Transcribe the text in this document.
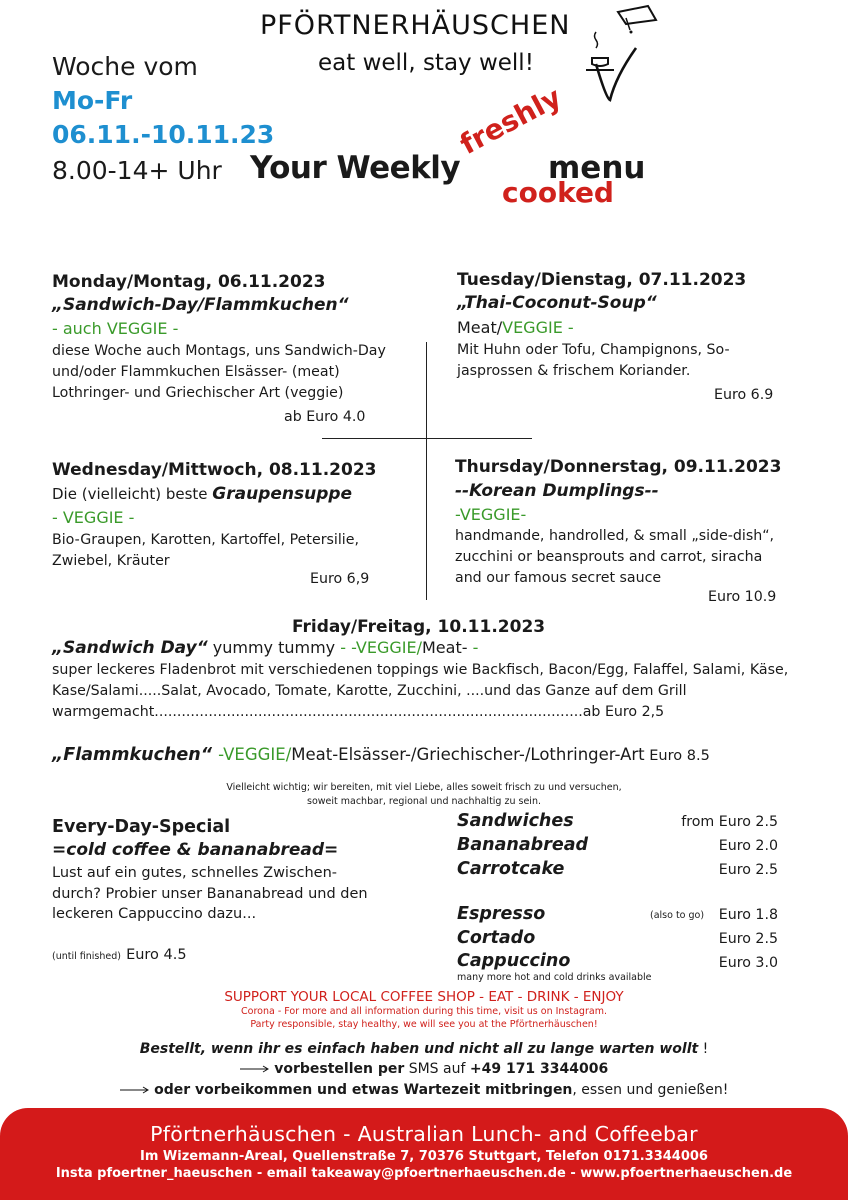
PFÖRTNERHÄUSCHEN
eat well, stay well!
Woche vom
Mo-Fr
06.11.-10.11.23
8.00-14+ Uhr Your Weekly
freshly
menu
cooked
Monday/Montag, 06.11.2023
„Sandwich-Day/Flammkuchen“
- auch VEGGIE -
diese Woche auch Montags, uns Sandwich-Day und/oder Flammkuchen Elsässer- (meat) Lothringer- und Griechischer Art (veggie)
ab Euro 4.0
Tuesday/Dienstag, 07.11.2023
„Thai-Coconut-Soup“
Meat/VEGGIE -
Mit Huhn oder Tofu, Champignons, So-jasprossen & frischem Koriander.
Euro 6.9
Wednesday/Mittwoch, 08.11.2023
Die (vielleicht) beste Graupensuppe
- VEGGIE -
Bio-Graupen, Karotten, Kartoffel, Petersilie, Zwiebel, Kräuter
Euro 6,9
Thursday/Donnerstag, 09.11.2023
--Korean Dumplings--
-VEGGIE-
handmande, handrolled, & small „side-dish“, zucchini or beansprouts and carrot, siracha and our famous secret sauce
Euro 10.9
Friday/Freitag, 10.11.2023
„Sandwich Day“ yummy tummy - -VEGGIE/Meat- -
super leckeres Fladenbrot mit verschiedenen toppings wie Backfisch, Bacon/Egg, Falaffel, Salami, Käse, Kase/Salami.....Salat, Avocado, Tomate, Karotte, Zucchini, ....und das Ganze auf dem Grill warmgemacht...............................................................................................ab Euro 2,5
„Flammkuchen“ -VEGGIE/Meat-Elsässer-/Griechischer-/Lothringer-Art Euro 8.5
Vielleicht wichtig; wir bereiten, mit viel Liebe, alles soweit frisch zu und versuchen,
soweit machbar, regional und nachhaltig zu sein.
Every-Day-Special
=cold coffee & bananabread=
Lust auf ein gutes, schnelles Zwischen-durch? Probier unser Bananabread und den leckeren Cappuccino dazu...
(until finished) Euro 4.5
Sandwiches	from Euro 2.5
Bananabread	Euro 2.0
Carrotcake	Euro 2.5
Espresso	(also to go) Euro 1.8
Cortado	Euro 2.5
Cappuccino	Euro 3.0
many more hot and cold drinks available
SUPPORT YOUR LOCAL COFFEE SHOP - EAT - DRINK - ENJOY
Corona - For more and all information during this time, visit us on Instagram.
Party responsible, stay healthy, we will see you at the Pförtnerhäuschen!
Bestellt, wenn ihr es einfach haben und nicht all zu lange warten wollt !
vorbestellen per SMS auf +49 171 3344006
oder vorbeikommen und etwas Wartezeit mitbringen, essen und genießen!
Pförtnerhäuschen - Australian Lunch- and Coffeebar
Im Wizemann-Areal, Quellenstraße 7, 70376 Stuttgart, Telefon 0171.3344006
Insta pfoertner_haeuschen - email takeaway@pfoertnerhaeuschen.de - www.pfoertnerhaeuschen.de
